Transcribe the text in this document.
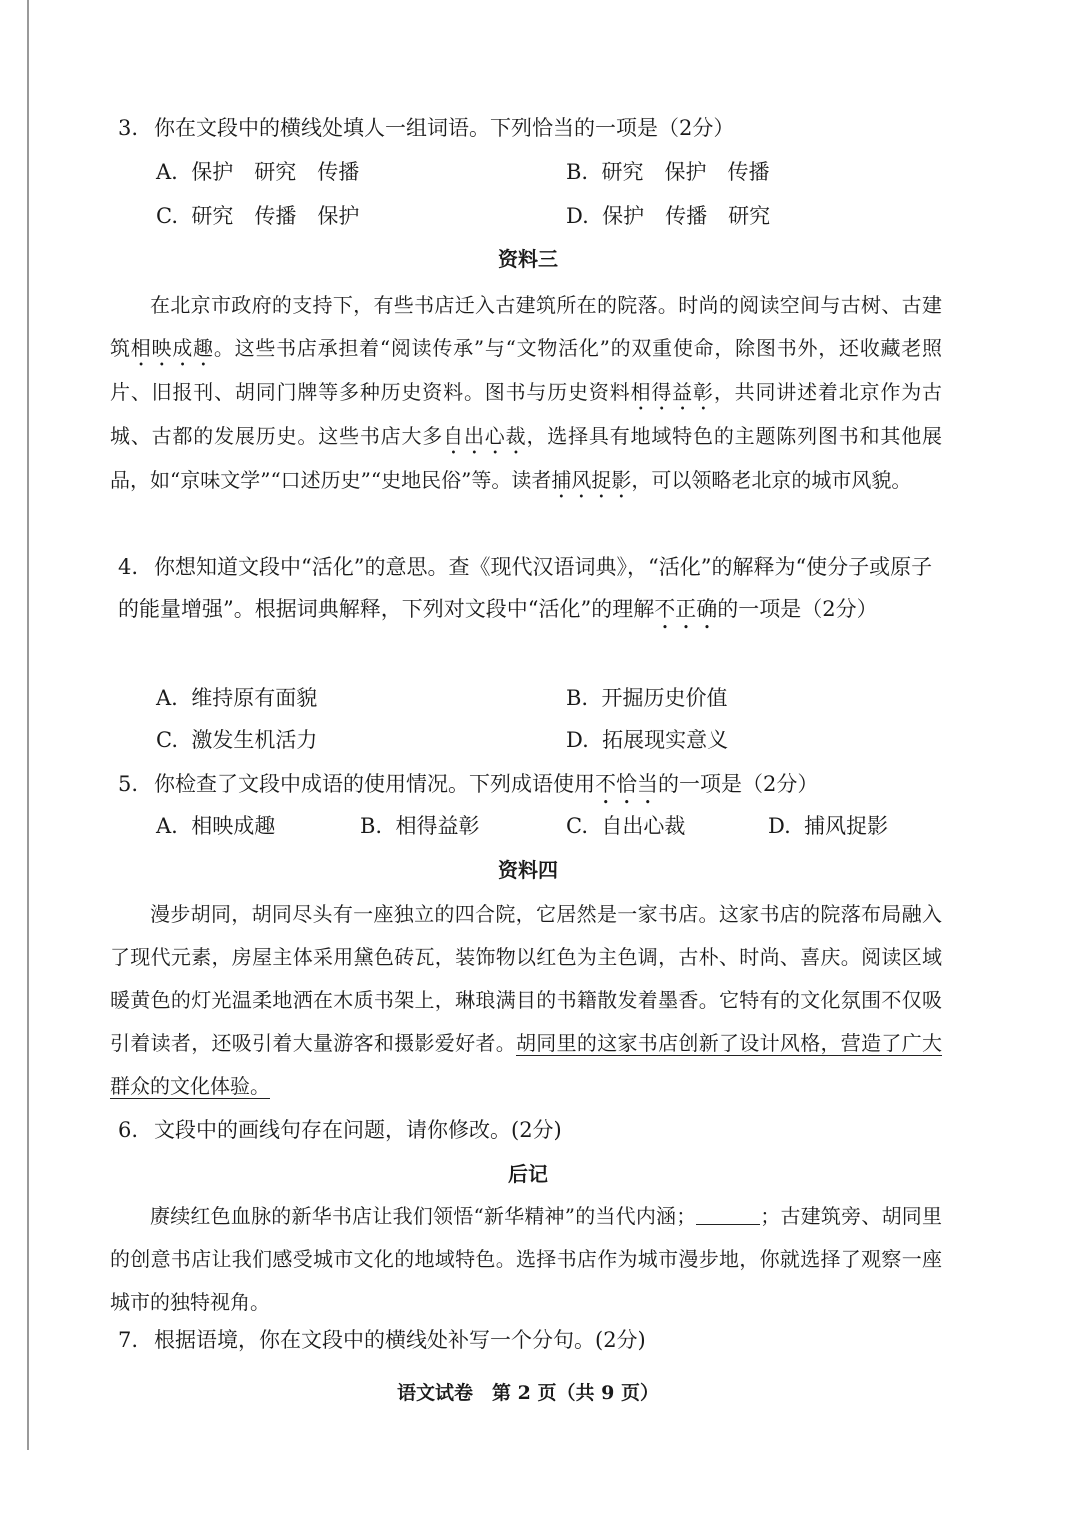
3. 你在文段中的横线处填人一组词语。下列恰当的一项是（2分）
A. 保护　研究　传播	B. 研究　保护　传播
C. 研究　传播　保护	D. 保护　传播　研究
资料三
在北京市政府的支持下，有些书店迁入古建筑所在的院落。时尚的阅读空间与古树、古建筑相映成趣。这些书店承担着“阅读传承”与“文物活化”的双重使命，除图书外，还收藏老照片、旧报刊、胡同门牌等多种历史资料。图书与历史资料相得益彰，共同讲述着北京作为古城、古都的发展历史。这些书店大多自出心裁，选择具有地域特色的主题陈列图书和其他展品，如“京味文学”“口述历史”“史地民俗”等。读者捕风捉影，可以领略老北京的城市风貌。
4. 你想知道文段中“活化”的意思。查《现代汉语词典》，“活化”的解释为“使分子或原子的能量增强”。根据词典解释，下列对文段中“活化”的理解不正确的一项是（2分）
A. 维持原有面貌	B. 开掘历史价值
C. 激发生机活力	D. 拓展现实意义
5. 你检查了文段中成语的使用情况。下列成语使用不恰当的一项是（2分）
A. 相映成趣	B. 相得益彰	C. 自出心裁	D. 捕风捉影
资料四
漫步胡同，胡同尽头有一座独立的四合院，它居然是一家书店。这家书店的院落布局融入了现代元素，房屋主体采用黛色砖瓦，装饰物以红色为主色调，古朴、时尚、喜庆。阅读区域暖黄色的灯光温柔地洒在木质书架上，琳琅满目的书籍散发着墨香。它特有的文化氛围不仅吸引着读者，还吸引着大量游客和摄影爱好者。胡同里的这家书店创新了设计风格，营造了广大群众的文化体验。
6. 文段中的画线句存在问题，请你修改。(2分)
后记
赓续红色血脉的新华书店让我们领悟“新华精神”的当代内涵；	；古建筑旁、胡同里的创意书店让我们感受城市文化的地域特色。选择书店作为城市漫步地，你就选择了观察一座城市的独特视角。
7. 根据语境，你在文段中的横线处补写一个分句。(2分)
语文试卷　第 2 页（共 9 页）
